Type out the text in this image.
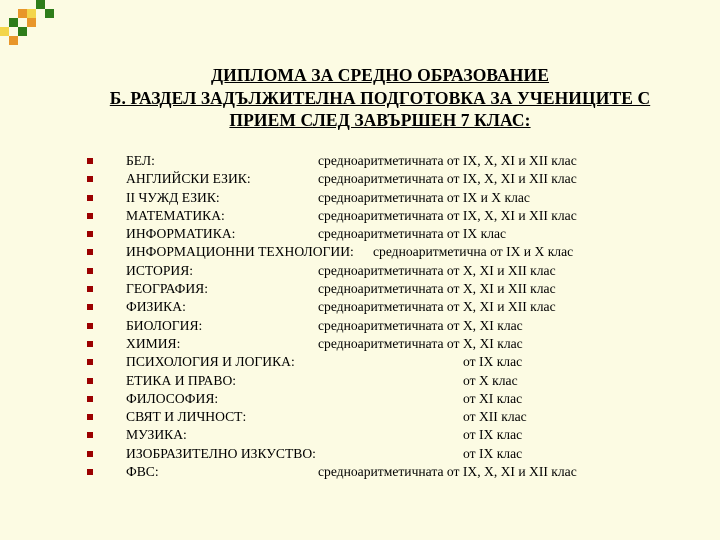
ДИПЛОМА ЗА СРЕДНО ОБРАЗОВАНИЕ
Б. РАЗДЕЛ ЗАДЪЛЖИТЕЛНА ПОДГОТОВКА ЗА УЧЕНИЦИТЕ С
ПРИЕМ СЛЕД ЗАВЪРШЕН 7 КЛАС:
БЕЛ:	средноаритметичната от IX, X, XI и XII клас
АНГЛИЙСКИ ЕЗИК:	средноаритметичната от IX, X, XI и XII клас
II ЧУЖД ЕЗИК:	средноаритметичната от IX и X клас
МАТЕМАТИКА:	средноаритметичната от IX, X, XI и XII клас
ИНФОРМАТИКА:	средноаритметичната от IX клас
ИНФОРМАЦИОННИ ТЕХНОЛОГИИ: средноаритметична от IX и X клас
ИСТОРИЯ:	средноаритметичната от X, XI и XII клас
ГЕОГРАФИЯ:	средноаритметичната от X, XI и XII клас
ФИЗИКА:	средноаритметичната от X, XI и XII клас
БИОЛОГИЯ:	средноаритметичната от X, XI клас
ХИМИЯ:	средноаритметичната от X, XI клас
ПСИХОЛОГИЯ И ЛОГИКА:	от IX клас
ЕТИКА И ПРАВО:	от X клас
ФИЛОСОФИЯ:	от XI клас
СВЯТ И ЛИЧНОСТ:	от XII клас
МУЗИКА:	от IX клас
ИЗОБРАЗИТЕЛНО ИЗКУСТВО:	от IX клас
ФВС:	средноаритметичната от IX, X, XI и XII клас
